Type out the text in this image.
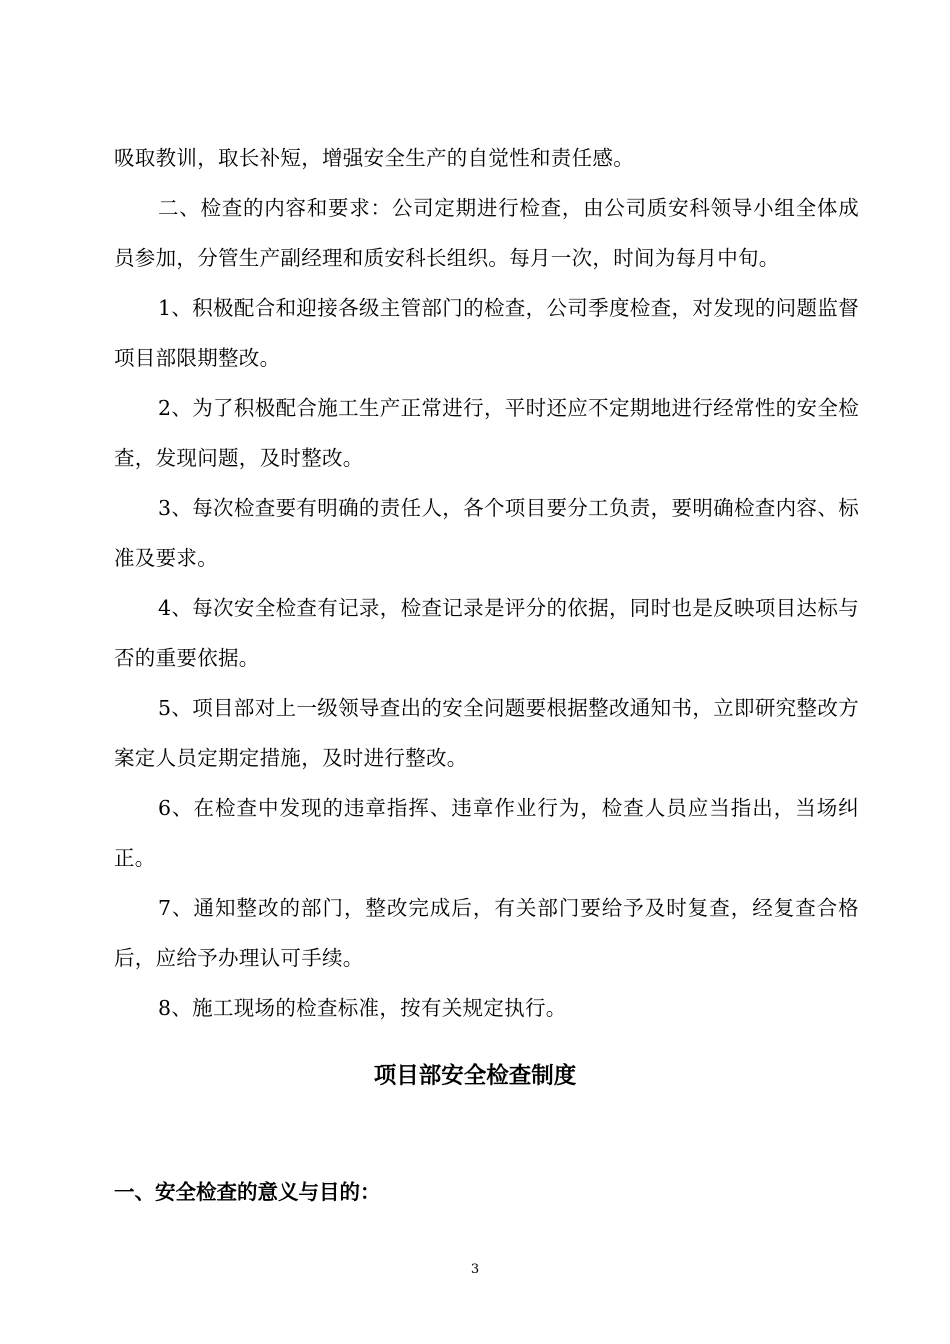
吸取教训，取长补短，增强安全生产的自觉性和责任感。

二、检查的内容和要求：公司定期进行检查，由公司质安科领导小组全体成员参加，分管生产副经理和质安科长组织。每月一次，时间为每月中旬。

1、积极配合和迎接各级主管部门的检查，公司季度检查，对发现的问题监督项目部限期整改。

2、为了积极配合施工生产正常进行，平时还应不定期地进行经常性的安全检查，发现问题，及时整改。

3、每次检查要有明确的责任人，各个项目要分工负责，要明确检查内容、标准及要求。

4、每次安全检查有记录，检查记录是评分的依据，同时也是反映项目达标与否的重要依据。

5、项目部对上一级领导查出的安全问题要根据整改通知书，立即研究整改方案定人员定期定措施，及时进行整改。

6、在检查中发现的违章指挥、违章作业行为，检查人员应当指出，当场纠正。

7、通知整改的部门，整改完成后，有关部门要给予及时复查，经复查合格后，应给予办理认可手续。

8、施工现场的检查标准，按有关规定执行。

项目部安全检查制度
一、安全检查的意义与目的：
3
